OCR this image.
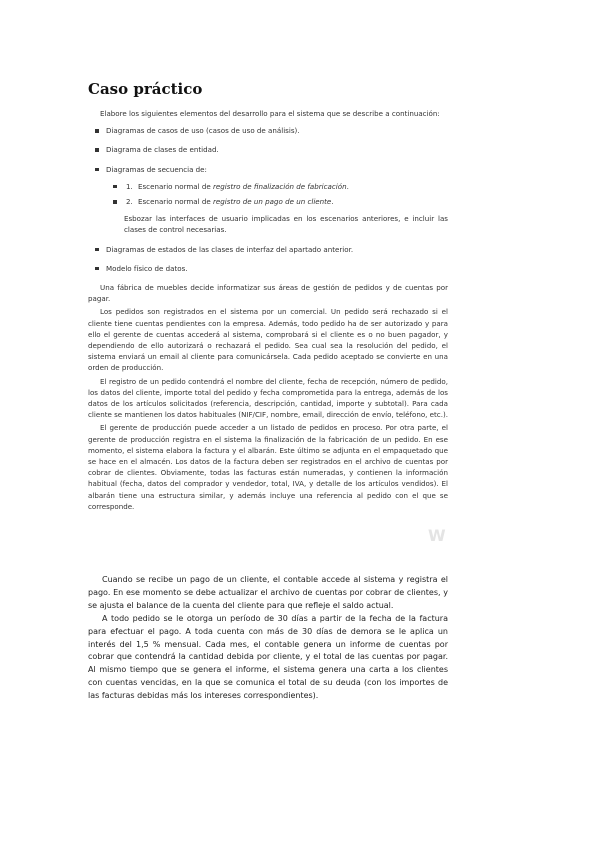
Caso práctico

Elabore los siguientes elementos del desarrollo para el sistema que se describe a continuación:

Diagramas de casos de uso (casos de uso de análisis).
Diagrama de clases de entidad.
Diagramas de secuencia de:
1. Escenario normal de registro de finalización de fabricación.
2. Escenario normal de registro de un pago de un cliente.

Esbozar las interfaces de usuario implicadas en los escenarios anteriores, e incluir las clases de control necesarias.

Diagramas de estados de las clases de interfaz del apartado anterior.
Modelo físico de datos.

Una fábrica de muebles decide informatizar sus áreas de gestión de pedidos y de cuentas por pagar.

Los pedidos son registrados en el sistema por un comercial. Un pedido será rechazado si el cliente tiene cuentas pendientes con la empresa. Además, todo pedido ha de ser autorizado y para ello el gerente de cuentas accederá al sistema, comprobará si el cliente es o no buen pagador, y dependiendo de ello autorizará o rechazará el pedido. Sea cual sea la resolución del pedido, el sistema enviará un email al cliente para comunicársela. Cada pedido aceptado se convierte en una orden de producción.

El registro de un pedido contendrá el nombre del cliente, fecha de recepción, número de pedido, los datos del cliente, importe total del pedido y fecha comprometida para la entrega, además de los datos de los artículos solicitados (referencia, descripción, cantidad, importe y subtotal). Para cada cliente se mantienen los datos habituales (NIF/CIF, nombre, email, dirección de envío, teléfono, etc.).

El gerente de producción puede acceder a un listado de pedidos en proceso. Por otra parte, el gerente de producción registra en el sistema la finalización de la fabricación de un pedido. En ese momento, el sistema elabora la factura y el albarán. Este último se adjunta en el empaquetado que se hace en el almacén. Los datos de la factura deben ser registrados en el archivo de cuentas por cobrar de clientes. Obviamente, todas las facturas están numeradas, y contienen la información habitual (fecha, datos del comprador y vendedor, total, IVA, y detalle de los artículos vendidos). El albarán tiene una estructura similar, y además incluye una referencia al pedido con el que se corresponde.

W

Cuando se recibe un pago de un cliente, el contable accede al sistema y registra el pago. En ese momento se debe actualizar el archivo de cuentas por cobrar de clientes, y se ajusta el balance de la cuenta del cliente para que refleje el saldo actual.

A todo pedido se le otorga un período de 30 días a partir de la fecha de la factura para efectuar el pago. A toda cuenta con más de 30 días de demora se le aplica un interés del 1,5 % mensual. Cada mes, el contable genera un informe de cuentas por cobrar que contendrá la cantidad debida por cliente, y el total de las cuentas por pagar. Al mismo tiempo que se genera el informe, el sistema genera una carta a los clientes con cuentas vencidas, en la que se comunica el total de su deuda (con los importes de las facturas debidas más los intereses correspondientes).
